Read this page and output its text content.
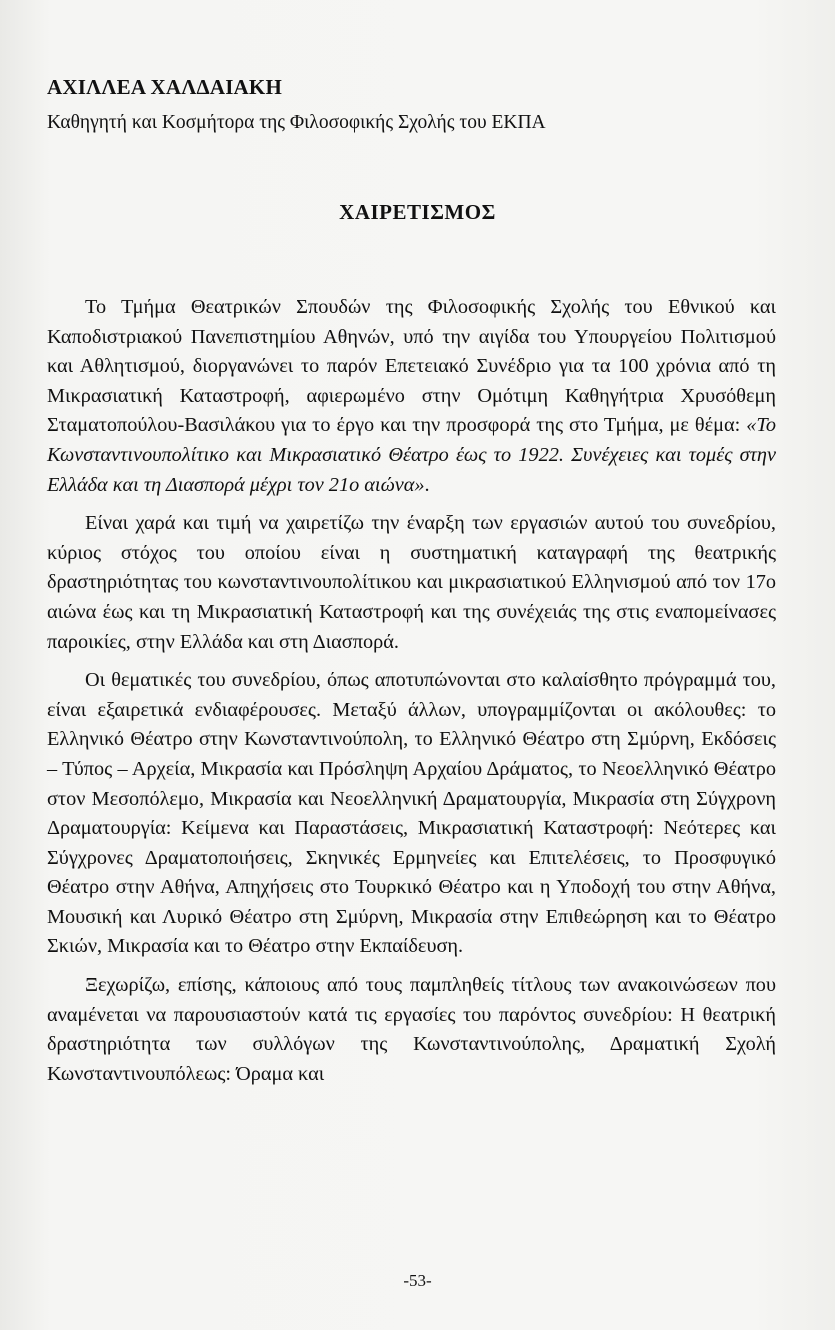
ΑΧΙΛΛΕΑ ΧΑΛΔΑΙΑΚΗ
Καθηγητή και Κοσμήτορα της Φιλοσοφικής Σχολής του ΕΚΠΑ
ΧΑΙΡΕΤΙΣΜΟΣ

Το Τμήμα Θεατρικών Σπουδών της Φιλοσοφικής Σχολής του Εθνικού και Καποδιστριακού Πανεπιστημίου Αθηνών, υπό την αιγίδα του Υπουργείου Πολιτισμού και Αθλητισμού, διοργανώνει το παρόν Επετειακό Συνέδριο για τα 100 χρόνια από τη Μικρασιατική Καταστροφή, αφιερωμένο στην Ομότιμη Καθηγήτρια Χρυσόθεμη Σταματοπούλου-Βασιλάκου για το έργο και την προσφορά της στο Τμήμα, με θέμα: «Το Κωνσταντινουπολίτικο και Μικρασιατικό Θέατρο έως το 1922. Συνέχειες και τομές στην Ελλάδα και τη Διασπορά μέχρι τον 21ο αιώνα».

Είναι χαρά και τιμή να χαιρετίζω την έναρξη των εργασιών αυτού του συνεδρίου, κύριος στόχος του οποίου είναι η συστηματική καταγραφή της θεατρικής δραστηριότητας του κωνσταντινουπολίτικου και μικρασιατικού Ελληνισμού από τον 17ο αιώνα έως και τη Μικρασιατική Καταστροφή και της συνέχειάς της στις εναπομείνασες παροικίες, στην Ελλάδα και στη Διασπορά.

Οι θεματικές του συνεδρίου, όπως αποτυπώνονται στο καλαίσθητο πρόγραμμά του, είναι εξαιρετικά ενδιαφέρουσες. Μεταξύ άλλων, υπογραμμίζονται οι ακόλουθες: το Ελληνικό Θέατρο στην Κωνσταντινούπολη, το Ελληνικό Θέατρο στη Σμύρνη, Εκδόσεις – Τύπος – Αρχεία, Μικρασία και Πρόσληψη Αρχαίου Δράματος, το Νεοελληνικό Θέατρο στον Μεσοπόλεμο, Μικρασία και Νεοελληνική Δραματουργία, Μικρασία στη Σύγχρονη Δραματουργία: Κείμενα και Παραστάσεις, Μικρασιατική Καταστροφή: Νεότερες και Σύγχρονες Δραματοποιήσεις, Σκηνικές Ερμηνείες και Επιτελέσεις, το Προσφυγικό Θέατρο στην Αθήνα, Απηχήσεις στο Τουρκικό Θέατρο και η Υποδοχή του στην Αθήνα, Μουσική και Λυρικό Θέατρο στη Σμύρνη, Μικρασία στην Επιθεώρηση και το Θέατρο Σκιών, Μικρασία και το Θέατρο στην Εκπαίδευση.

Ξεχωρίζω, επίσης, κάποιους από τους παμπληθείς τίτλους των ανακοινώσεων που αναμένεται να παρουσιαστούν κατά τις εργασίες του παρόντος συνεδρίου: Η θεατρική δραστηριότητα των συλλόγων της Κωνσταντινούπολης, Δραματική Σχολή Κωνσταντινουπόλεως: Όραμα και

-53-
